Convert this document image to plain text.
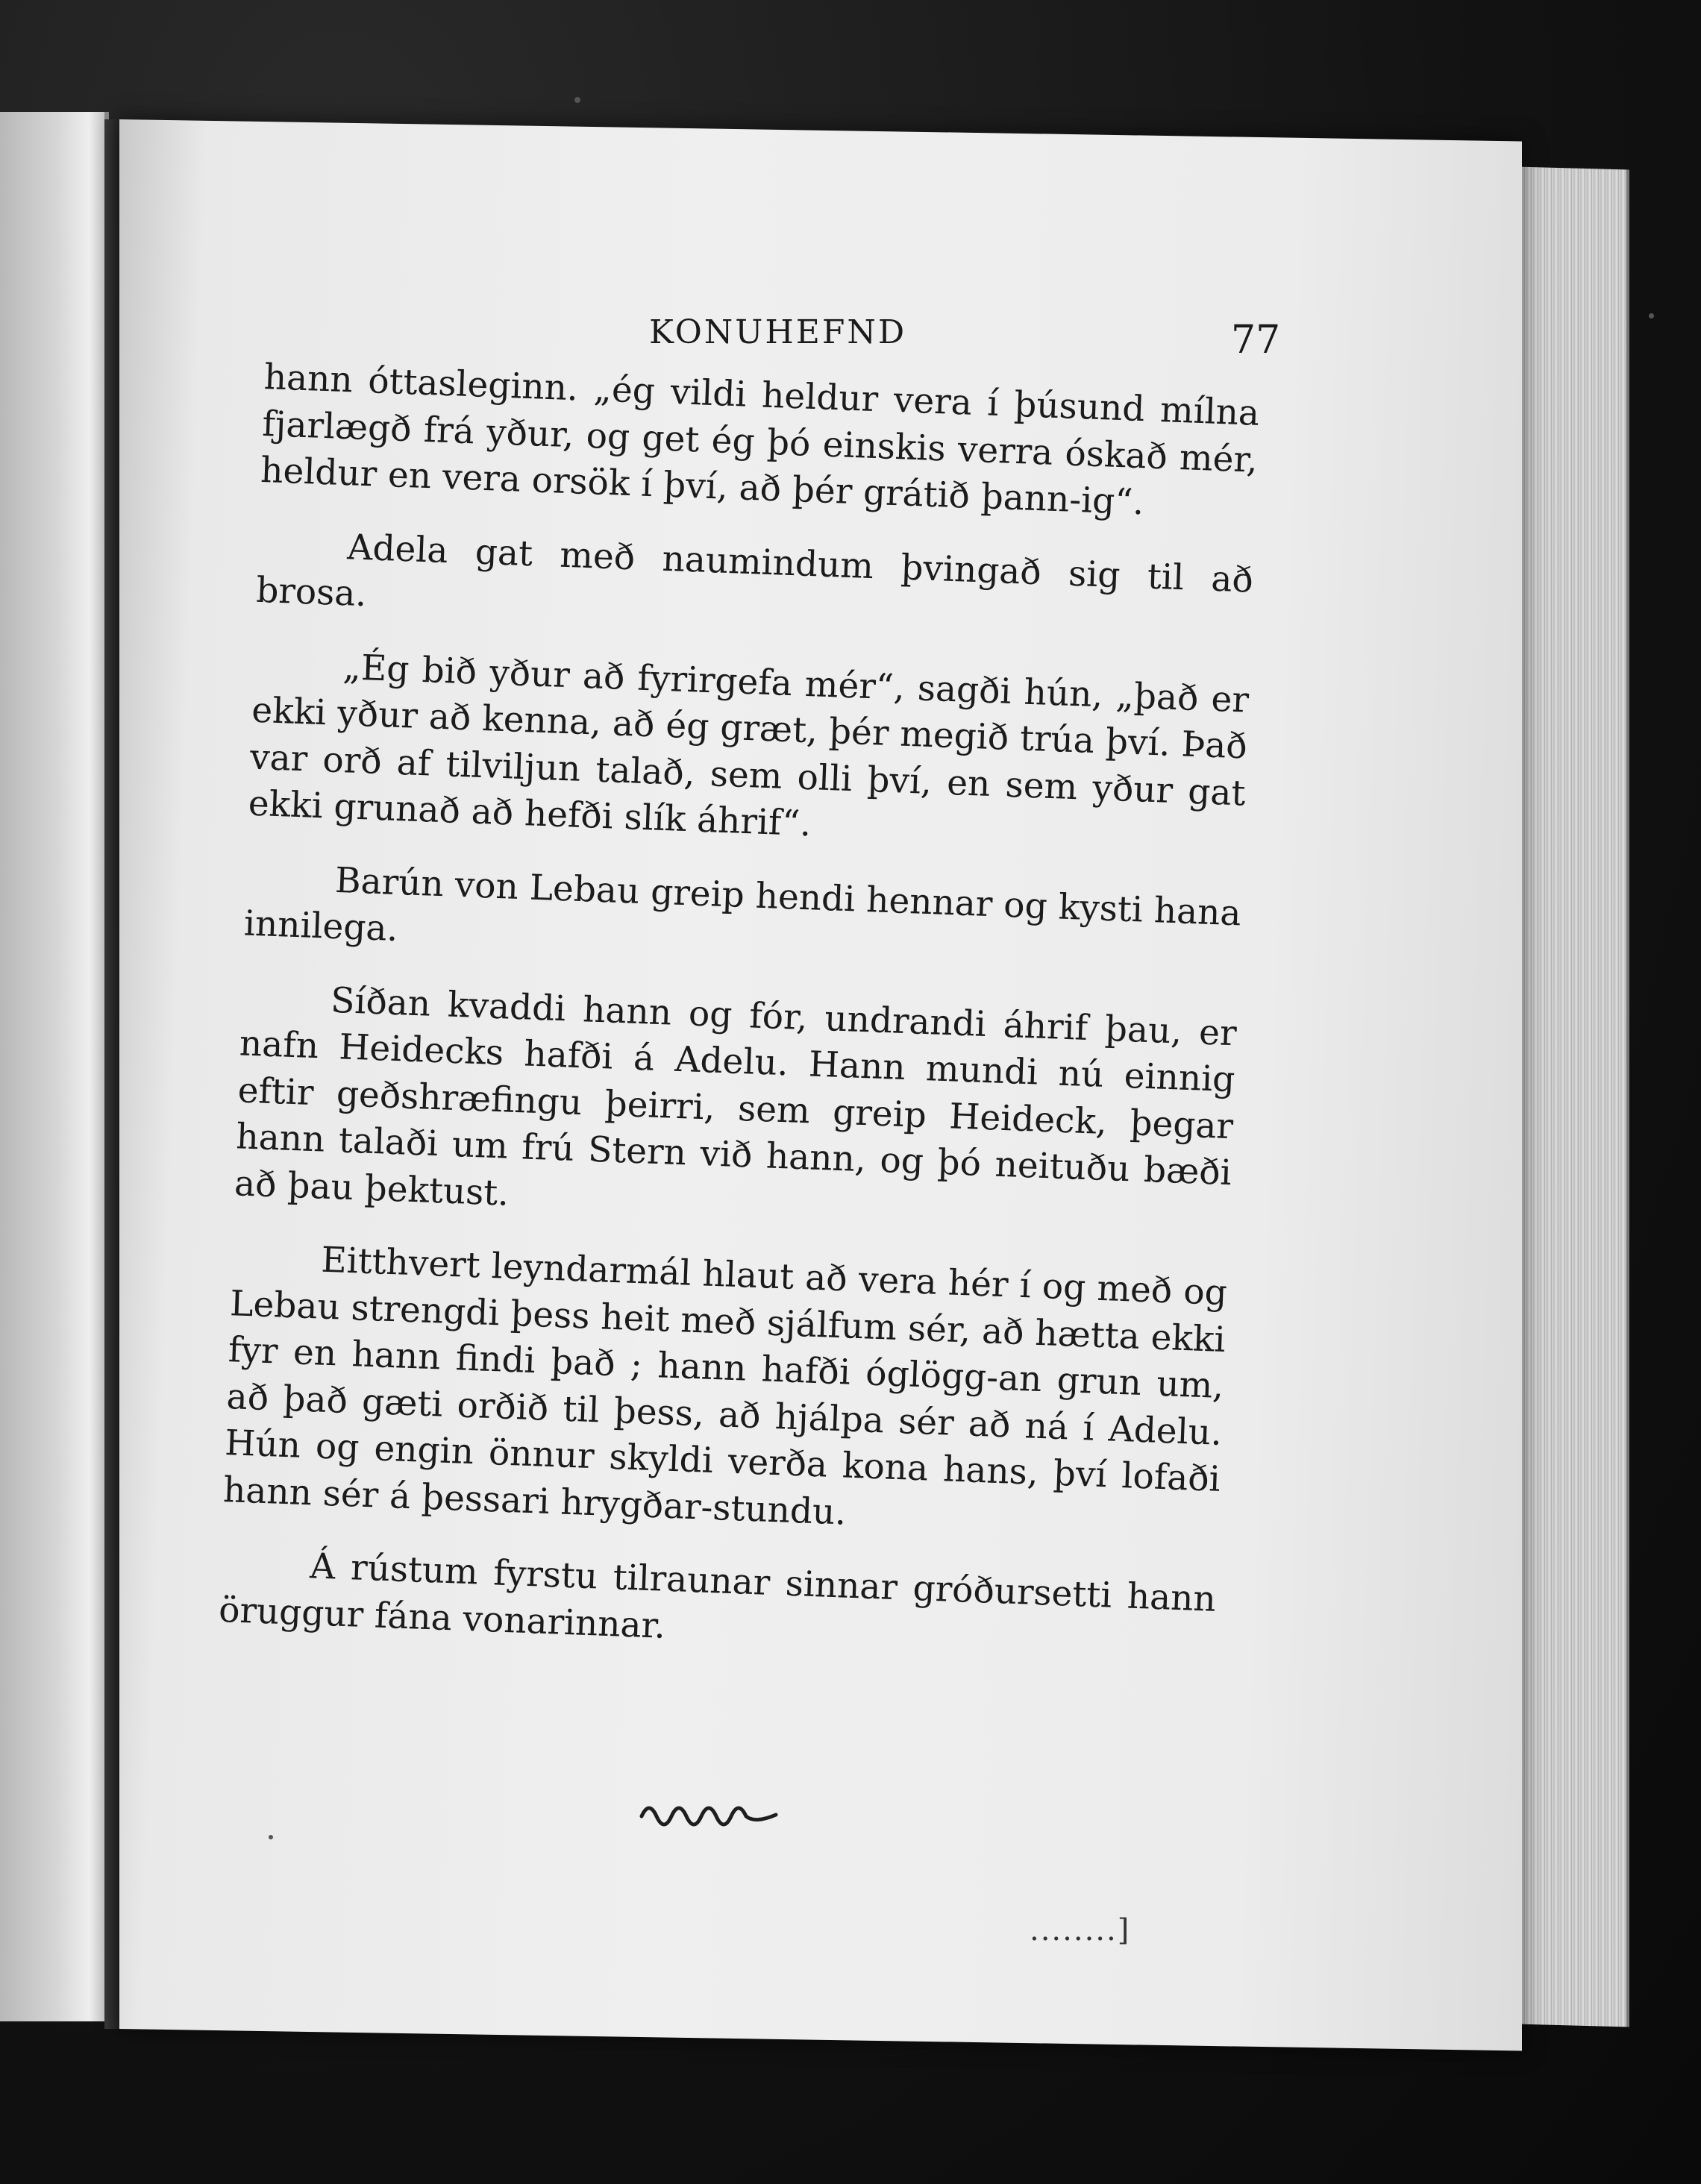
KONUHEFND	77

hann óttasleginn. „ég vildi heldur vera í þúsund mílna fjarlægð frá yður, og get ég þó einskis verra óskað mér, heldur en vera orsök í því, að þér grátið þann-ig“.

Adela gat með naumindum þvingað sig til að brosa.

„Ég bið yður að fyrirgefa mér“, sagði hún, „það er ekki yður að kenna, að ég græt, þér megið trúa því. Það var orð af tilviljun talað, sem olli því, en sem yður gat ekki grunað að hefði slík áhrif“.

Barún von Lebau greip hendi hennar og kysti hana innilega.

Síðan kvaddi hann og fór, undrandi áhrif þau, er nafn Heidecks hafði á Adelu. Hann mundi nú einnig eftir geðshræfingu þeirri, sem greip Heideck, þegar hann talaði um frú Stern við hann, og þó neituðu bæði að þau þektust.

Eitthvert leyndarmál hlaut að vera hér í og með og Lebau strengdi þess heit með sjálfum sér, að hætta ekki fyr en hann findi það ; hann hafði óglögg-an grun um, að það gæti orðið til þess, að hjálpa sér að ná í Adelu. Hún og engin önnur skyldi verða kona hans, því lofaði hann sér á þessari hrygðar-stundu.

Á rústum fyrstu tilraunar sinnar gróðursetti hann öruggur fána vonarinnar.

........]
